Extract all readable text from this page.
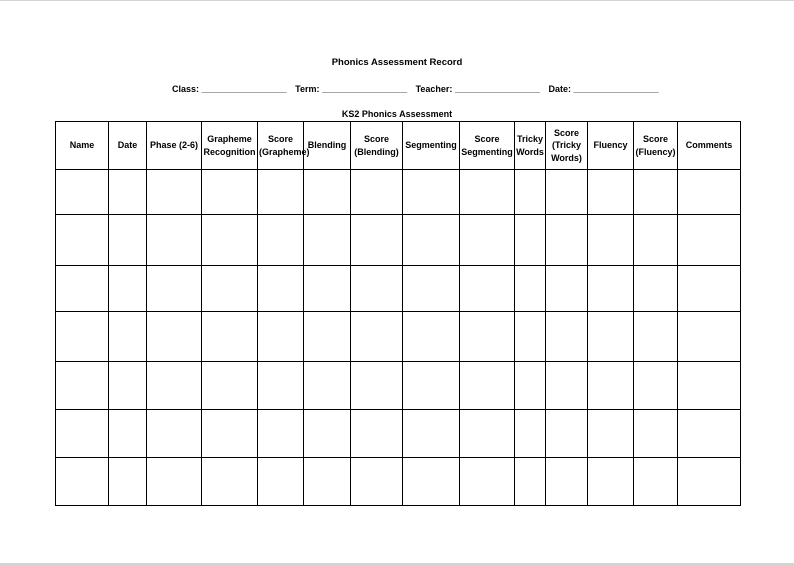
Phonics Assessment Record
Class: _________________ Term: _________________ Teacher: _________________ Date: _________________
KS2 Phonics Assessment
Name	Date	Phase (2-6)	Grapheme Recognition	Score (Grapheme)	Blending	Score (Blending)	Segmenting	Score Segmenting	Tricky Words	Score (Tricky Words)	Fluency	Score (Fluency)	Comments
